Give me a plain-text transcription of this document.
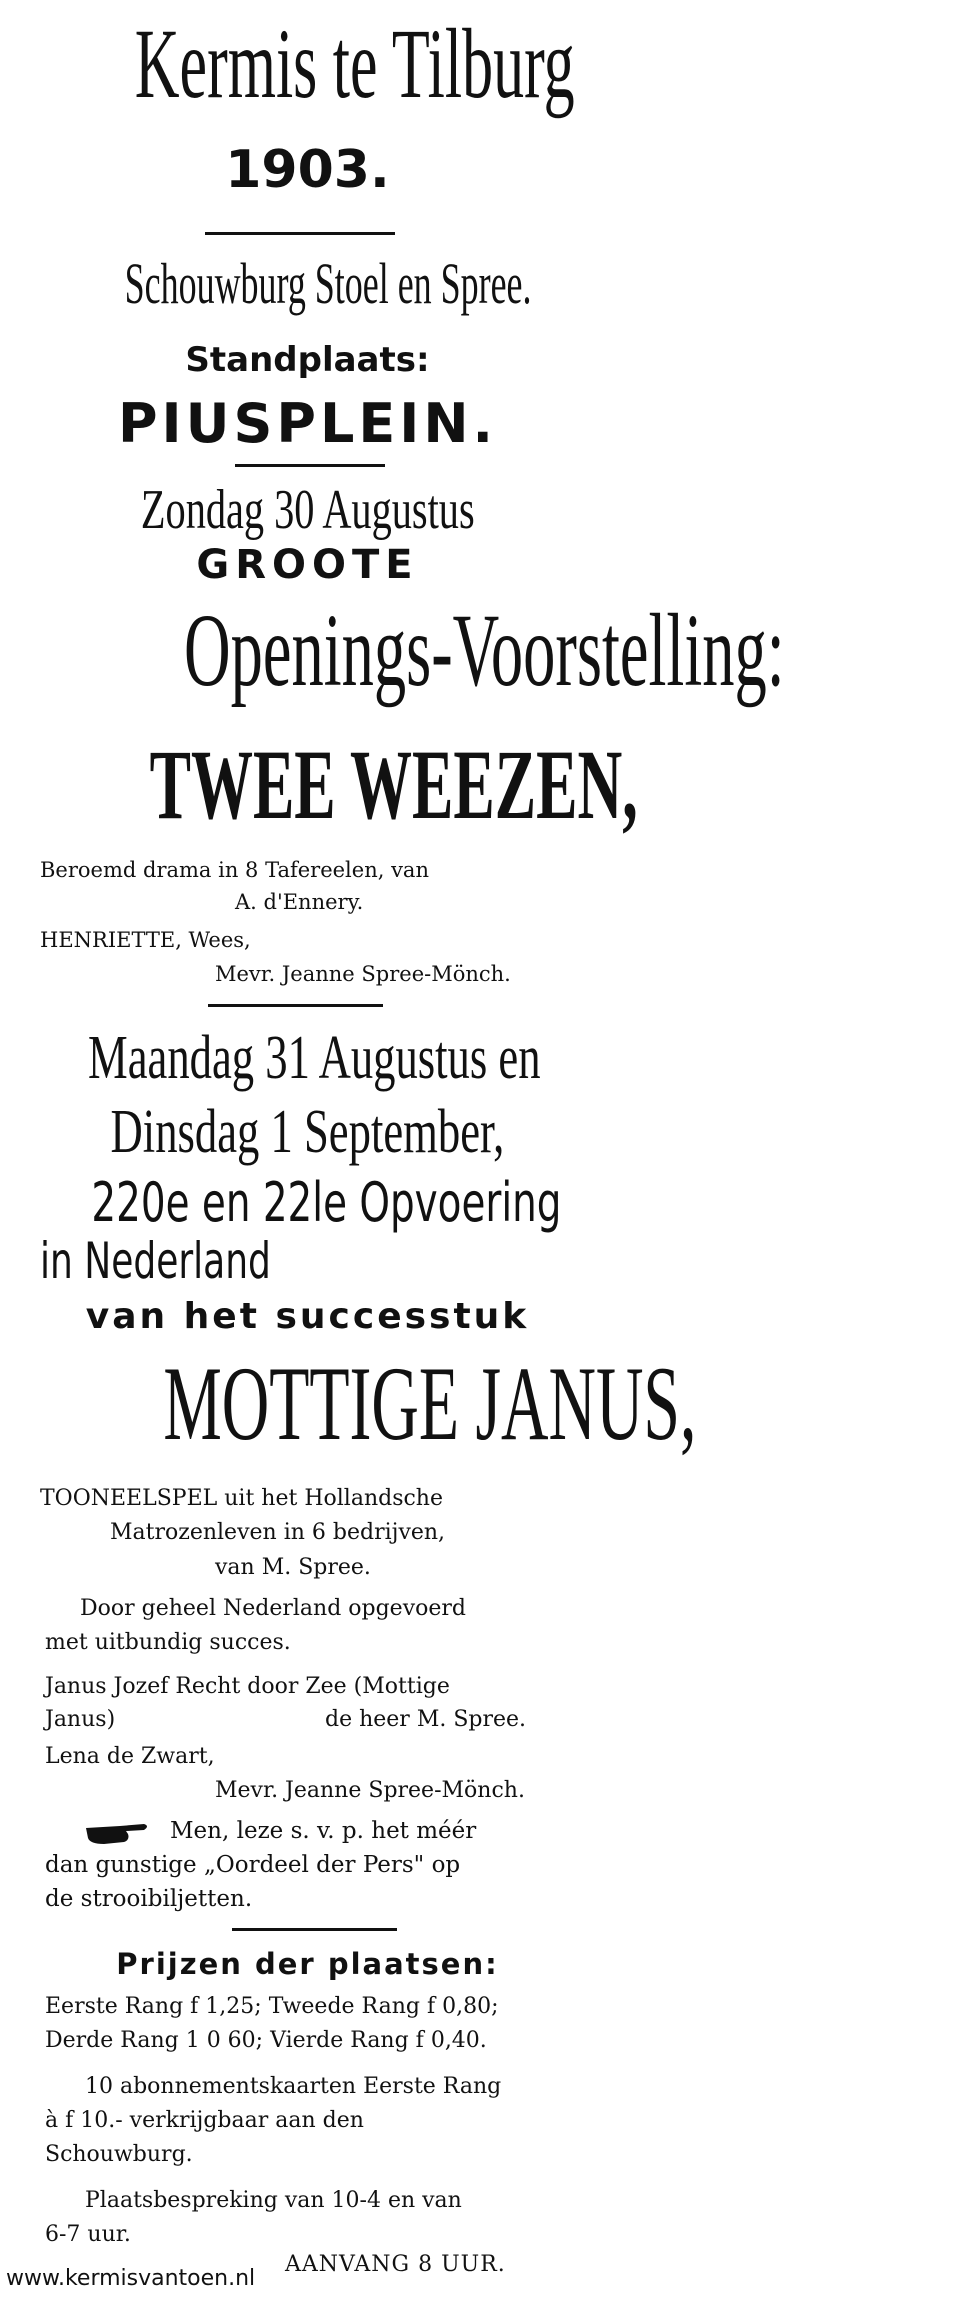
Kermis te Tilburg
1903.
Schouwburg Stoel en Spree.
Standplaats:
PIUSPLEIN.
Zondag 30 Augustus
GROOTE
Openings-Voorstelling:
TWEE WEEZEN,
Beroemd drama in 8 Tafereelen, van
A. d'Ennery.
HENRIETTE, Wees,
Mevr. Jeanne Spree-Mönch.
Maandag 31 Augustus en
Dinsdag 1 September,
220e en 22le Opvoering
in Nederland
van het successtuk
MOTTIGE JANUS,
TOONEELSPEL uit het Hollandsche
Matrozenleven in 6 bedrijven,
van M. Spree.
Door geheel Nederland opgevoerd
met uitbundig succes.
Janus Jozef Recht door Zee (Mottige
Janus)	de heer M. Spree.
Lena de Zwart,
Mevr. Jeanne Spree-Mönch.
Men, leze s. v. p. het méér
dan gunstige „Oordeel der Pers" op
de strooibiljetten.
Prijzen der plaatsen:
Eerste Rang f 1,25; Tweede Rang f 0,80;
Derde Rang 1 0 60; Vierde Rang f 0,40.
10 abonnementskaarten Eerste Rang
à f 10.- verkrijgbaar aan den
Schouwburg.
Plaatsbespreking van 10-4 en van
6-7 uur.
AANVANG 8 UUR.
www.kermisvantoen.nl
